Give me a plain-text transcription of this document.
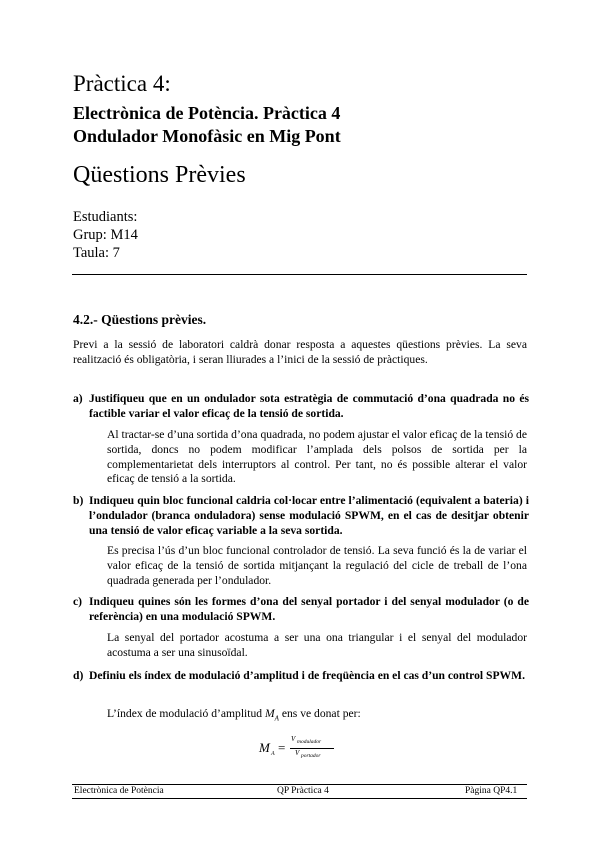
Pràctica 4:
Electrònica de Potència. Pràctica 4
Ondulador Monofàsic en Mig Pont
Qüestions Prèvies
Estudiants:
Grup: M14
Taula: 7
4.2.- Qüestions prèvies.
Previ a la sessió de laboratori caldrà donar resposta a aquestes qüestions prèvies. La seva realització és obligatòria, i seran lliurades a l’inici de la sessió de pràctiques.
a) Justifiqueu que en un ondulador sota estratègia de commutació d’ona quadrada no és factible variar el valor eficaç de la tensió de sortida.
Al tractar-se d’una sortida d’ona quadrada, no podem ajustar el valor eficaç de la tensió de sortida, doncs no podem modificar l’amplada dels polsos de sortida per la complementarietat dels interruptors al control. Per tant, no és possible alterar el valor eficaç de tensió a la sortida.
b) Indiqueu quin bloc funcional caldria col·locar entre l’alimentació (equivalent a bateria) i l’ondulador (branca onduladora) sense modulació SPWM, en el cas de desitjar obtenir una tensió de valor eficaç variable a la seva sortida.
Es precisa l’ús d’un bloc funcional controlador de tensió. La seva funció és la de variar el valor eficaç de la tensió de sortida mitjançant la regulació del cicle de treball de l’ona quadrada generada per l’ondulador.
c) Indiqueu quines són les formes d’ona del senyal portador i del senyal modulador (o de referència) en una modulació SPWM.
La senyal del portador acostuma a ser una ona triangular i el senyal del modulador acostuma a ser una sinusoïdal.
d) Definiu els índex de modulació d’amplitud i de freqüència en el cas d’un control SPWM.
L’índex de modulació d’amplitud $M_A$ ens ve donat per:
M A =
V modulador
V portador
Electrònica de Potència	QP Pràctica 4	Pàgina QP4.1
